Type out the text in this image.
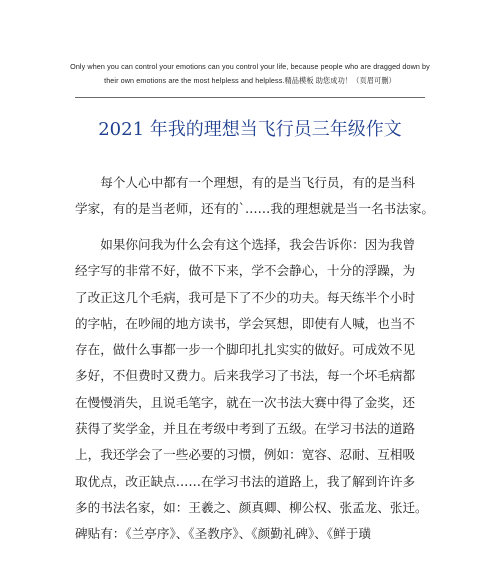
Only when you can control your emotions can you control your life, because people who are dragged down by
their own emotions are the most helpless and helpless.精品模板 助您成功！（页眉可删）
2021 年我的理想当飞行员三年级作文
　　每个人心中都有一个理想，有的是当飞行员，有的是当科
学家，有的是当老师，还有的`……我的理想就是当一名书法家。
　　如果你问我为什么会有这个选择，我会告诉你：因为我曾
经字写的非常不好，做不下来，学不会静心，十分的浮躁，为
了改正这几个毛病，我可是下了不少的功夫。每天练半个小时
的字帖，在吵闹的地方读书，学会冥想，即使有人喊，也当不
存在，做什么事都一步一个脚印扎扎实实的做好。可成效不见
多好，不但费时又费力。后来我学习了书法，每一个坏毛病都
在慢慢消失，且说毛笔字，就在一次书法大赛中得了金奖，还
获得了奖学金，并且在考级中考到了五级。在学习书法的道路
上，我还学会了一些必要的习惯，例如：宽容、忍耐、互相吸
取优点，改正缺点……在学习书法的道路上，我了解到许许多
多的书法名家，如：王羲之、颜真卿、柳公权、张孟龙、张迁。
碑贴有：《兰亭序》、《圣教序》、《颜勤礼碑》、《鲜于璜
